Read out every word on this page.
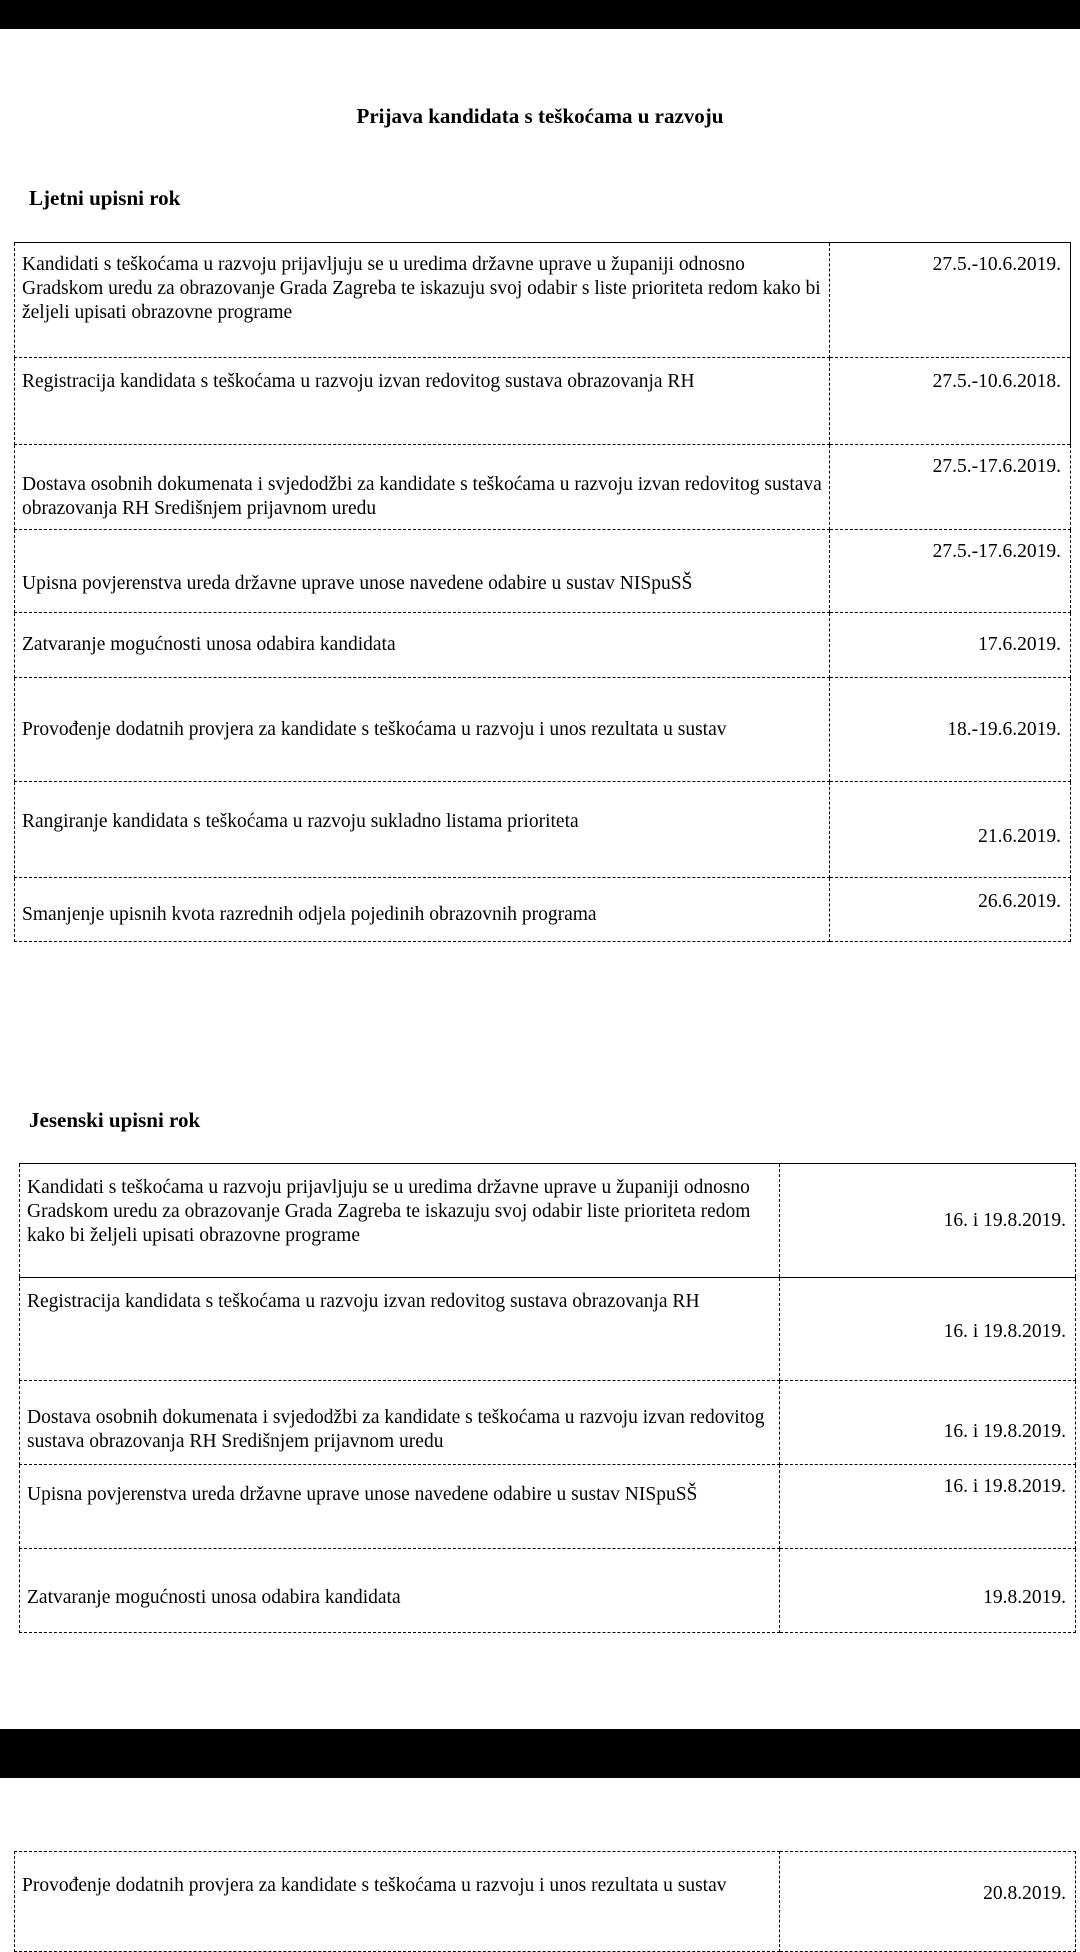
Prijava kandidata s teškoćama u razvoju
Ljetni upisni rok
Kandidati s teškoćama u razvoju prijavljuju se u uredima državne uprave u županiji odnosno Gradskom uredu za obrazovanje Grada Zagreba te iskazuju svoj odabir s liste prioriteta redom kako bi željeli upisati obrazovne programe	27.5.-10.6.2019.
Registracija kandidata s teškoćama u razvoju izvan redovitog sustava obrazovanja RH	27.5.-10.6.2018.
Dostava osobnih dokumenata i svjedodžbi za kandidate s teškoćama u razvoju izvan redovitog sustava obrazovanja RH Središnjem prijavnom uredu	27.5.-17.6.2019.
Upisna povjerenstva ureda državne uprave unose navedene odabire u sustav NISpuSŠ	27.5.-17.6.2019.
Zatvaranje mogućnosti unosa odabira kandidata	17.6.2019.
Provođenje dodatnih provjera za kandidate s teškoćama u razvoju i unos rezultata u sustav	18.-19.6.2019.
Rangiranje kandidata s teškoćama u razvoju sukladno listama prioriteta	21.6.2019.
Smanjenje upisnih kvota razrednih odjela pojedinih obrazovnih programa	26.6.2019.
Jesenski upisni rok
Kandidati s teškoćama u razvoju prijavljuju se u uredima državne uprave u županiji odnosno Gradskom uredu za obrazovanje Grada Zagreba te iskazuju svoj odabir liste prioriteta redom kako bi željeli upisati obrazovne programe	16. i 19.8.2019.
Registracija kandidata s teškoćama u razvoju izvan redovitog sustava obrazovanja RH	16. i 19.8.2019.
Dostava osobnih dokumenata i svjedodžbi za kandidate s teškoćama u razvoju izvan redovitog sustava obrazovanja RH Središnjem prijavnom uredu	16. i 19.8.2019.
Upisna povjerenstva ureda državne uprave unose navedene odabire u sustav NISpuSŠ	16. i 19.8.2019.
Zatvaranje mogućnosti unosa odabira kandidata	19.8.2019.
Provođenje dodatnih provjera za kandidate s teškoćama u razvoju i unos rezultata u sustav	20.8.2019.
